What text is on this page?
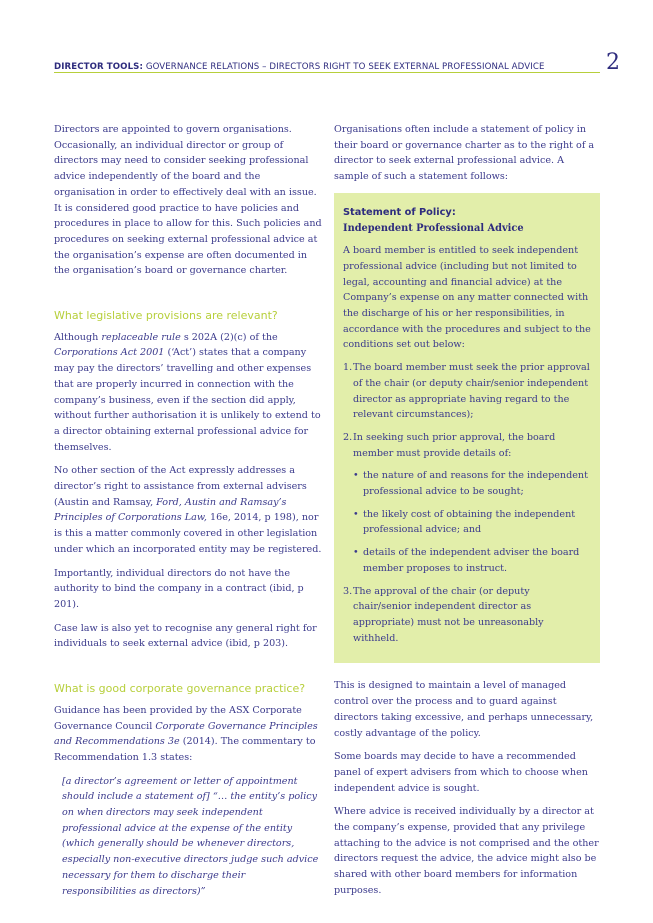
DIRECTOR TOOLS: GOVERNANCE RELATIONS – DIRECTORS RIGHT TO SEEK EXTERNAL PROFESSIONAL ADVICE	2

Directors are appointed to govern organisations. Occasionally, an individual director or group of directors may need to consider seeking professional advice independently of the board and the organisation in order to effectively deal with an issue. It is considered good practice to have policies and procedures in place to allow for this. Such policies and procedures on seeking external professional advice at the organisation’s expense are often documented in the organisation’s board or governance charter.

What legislative provisions are relevant?

Although replaceable rule s 202A (2)(c) of the Corporations Act 2001 (‘Act’) states that a company may pay the directors’ travelling and other expenses that are properly incurred in connection with the company’s business, even if the section did apply, without further authorisation it is unlikely to extend to a director obtaining external professional advice for themselves.

No other section of the Act expressly addresses a director’s right to assistance from external advisers (Austin and Ramsay, Ford, Austin and Ramsay’s Principles of Corporations Law, 16e, 2014, p 198), nor is this a matter commonly covered in other legislation under which an incorporated entity may be registered.

Importantly, individual directors do not have the authority to bind the company in a contract (ibid, p 201).

Case law is also yet to recognise any general right for individuals to seek external advice (ibid, p 203).

What is good corporate governance practice?

Guidance has been provided by the ASX Corporate Governance Council Corporate Governance Principles and Recommendations 3e (2014). The commentary to Recommendation 1.3 states:

[a director’s agreement or letter of appointment should include a statement of] “… the entity’s policy on when directors may seek independent professional advice at the expense of the entity (which generally should be whenever directors, especially non-executive directors judge such advice necessary for them to discharge their responsibilities as directors)”

Organisations often include a statement of policy in their board or governance charter as to the right of a director to seek external professional advice. A sample of such a statement follows:

Statement of Policy:
Independent Professional Advice

A board member is entitled to seek independent professional advice (including but not limited to legal, accounting and financial advice) at the Company’s expense on any matter connected with the discharge of his or her responsibilities, in accordance with the procedures and subject to the conditions set out below:

1. The board member must seek the prior approval of the chair (or deputy chair/senior independent director as appropriate having regard to the relevant circumstances);
2. In seeking such prior approval, the board member must provide details of:
• the nature of and reasons for the independent professional advice to be sought;
• the likely cost of obtaining the independent professional advice; and
• details of the independent adviser the board member proposes to instruct.
3. The approval of the chair (or deputy chair/senior independent director as appropriate) must not be unreasonably withheld.

This is designed to maintain a level of managed control over the process and to guard against directors taking excessive, and perhaps unnecessary, costly advantage of the policy.

Some boards may decide to have a recommended panel of expert advisers from which to choose when independent advice is sought.

Where advice is received individually by a director at the company’s expense, provided that any privilege attaching to the advice is not comprised and the other directors request the advice, the advice might also be shared with other board members for information purposes.
